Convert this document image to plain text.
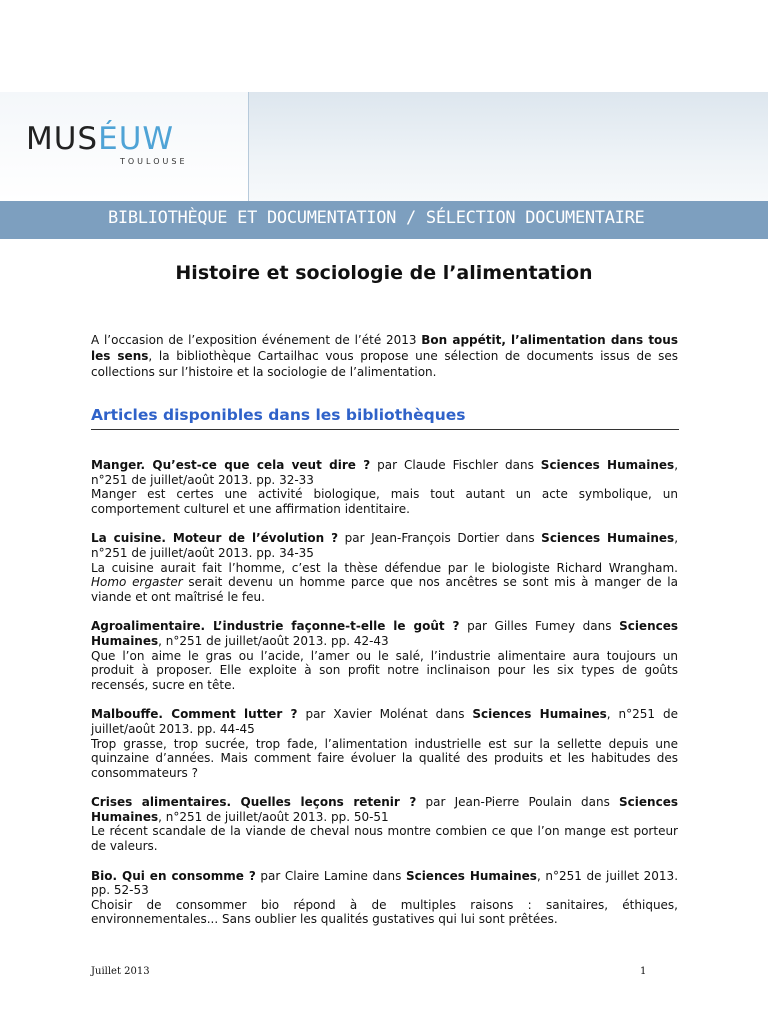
MUSÉUW
TOULOUSE
BIBLIOTHÈQUE ET DOCUMENTATION / SÉLECTION DOCUMENTAIRE
Histoire et sociologie de l’alimentation
A l’occasion de l’exposition événement de l’été 2013 Bon appétit, l’alimentation dans tous les sens, la bibliothèque Cartailhac vous propose une sélection de documents issus de ses collections sur l’histoire et la sociologie de l’alimentation.
Articles disponibles dans les bibliothèques
Manger. Qu’est-ce que cela veut dire ? par Claude Fischler dans Sciences Humaines, n°251 de juillet/août 2013. pp. 32-33
Manger est certes une activité biologique, mais tout autant un acte symbolique, un comportement culturel et une affirmation identitaire.
La cuisine. Moteur de l’évolution ? par Jean-François Dortier dans Sciences Humaines, n°251 de juillet/août 2013. pp. 34-35
La cuisine aurait fait l’homme, c’est la thèse défendue par le biologiste Richard Wrangham. Homo ergaster serait devenu un homme parce que nos ancêtres se sont mis à manger de la viande et ont maîtrisé le feu.
Agroalimentaire. L’industrie façonne-t-elle le goût ? par Gilles Fumey dans Sciences Humaines, n°251 de juillet/août 2013. pp. 42-43
Que l’on aime le gras ou l’acide, l’amer ou le salé, l’industrie alimentaire aura toujours un produit à proposer. Elle exploite à son profit notre inclinaison pour les six types de goûts recensés, sucre en tête.
Malbouffe. Comment lutter ? par Xavier Molénat dans Sciences Humaines, n°251 de juillet/août 2013. pp. 44-45
Trop grasse, trop sucrée, trop fade, l’alimentation industrielle est sur la sellette depuis une quinzaine d’années. Mais comment faire évoluer la qualité des produits et les habitudes des consommateurs ?
Crises alimentaires. Quelles leçons retenir ? par Jean-Pierre Poulain dans Sciences Humaines, n°251 de juillet/août 2013. pp. 50-51
Le récent scandale de la viande de cheval nous montre combien ce que l’on mange est porteur de valeurs.
Bio. Qui en consomme ? par Claire Lamine dans Sciences Humaines, n°251 de juillet 2013. pp. 52-53
Choisir de consommer bio répond à de multiples raisons : sanitaires, éthiques, environnementales... Sans oublier les qualités gustatives qui lui sont prêtées.
Juillet 2013	1
